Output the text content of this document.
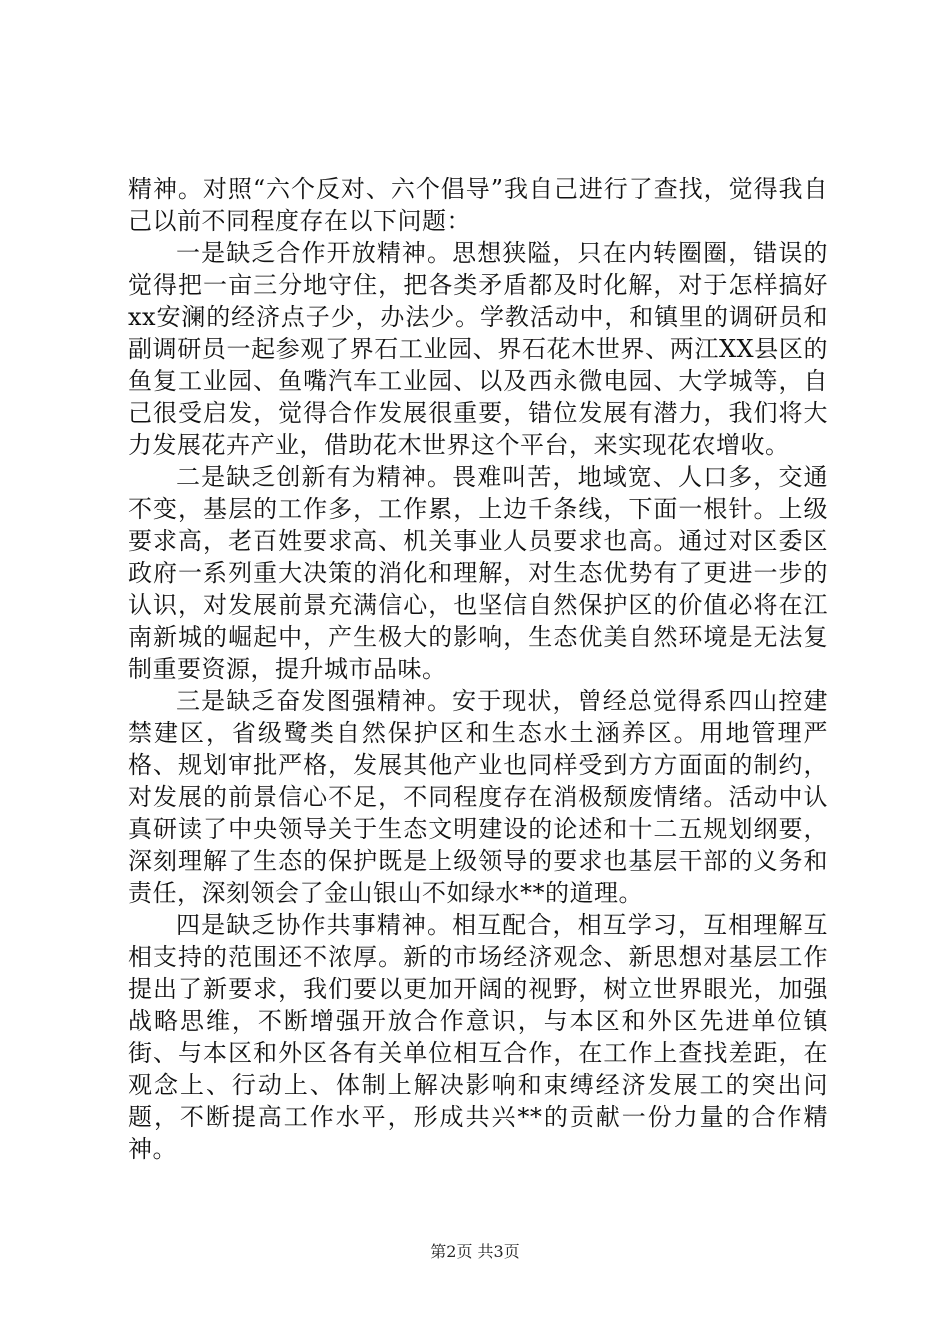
精神。对照“六个反对、六个倡导”我自己进行了查找，觉得我自己以前不同程度存在以下问题：

一是缺乏合作开放精神。思想狭隘，只在内转圈圈，错误的觉得把一亩三分地守住，把各类矛盾都及时化解，对于怎样搞好xx安澜的经济点子少，办法少。学教活动中，和镇里的调研员和副调研员一起参观了界石工业园、界石花木世界、两江XX县区的鱼复工业园、鱼嘴汽车工业园、以及西永微电园、大学城等，自己很受启发，觉得合作发展很重要，错位发展有潜力，我们将大力发展花卉产业，借助花木世界这个平台，来实现花农增收。

二是缺乏创新有为精神。畏难叫苦，地域宽、人口多，交通不变，基层的工作多，工作累，上边千条线，下面一根针。上级要求高，老百姓要求高、机关事业人员要求也高。通过对区委区政府一系列重大决策的消化和理解，对生态优势有了更进一步的认识，对发展前景充满信心，也坚信自然保护区的价值必将在江南新城的崛起中，产生极大的影响，生态优美自然环境是无法复制重要资源，提升城市品味。

三是缺乏奋发图强精神。安于现状，曾经总觉得系四山控建禁建区，省级鹭类自然保护区和生态水土涵养区。用地管理严格、规划审批严格，发展其他产业也同样受到方方面面的制约，对发展的前景信心不足，不同程度存在消极颓废情绪。活动中认真研读了中央领导关于生态文明建设的论述和十二五规划纲要，深刻理解了生态的保护既是上级领导的要求也基层干部的义务和责任，深刻领会了金山银山不如绿水**的道理。

四是缺乏协作共事精神。相互配合，相互学习，互相理解互相支持的范围还不浓厚。新的市场经济观念、新思想对基层工作提出了新要求，我们要以更加开阔的视野，树立世界眼光，加强战略思维，不断增强开放合作意识，与本区和外区先进单位镇街、与本区和外区各有关单位相互合作，在工作上查找差距，在观念上、行动上、体制上解决影响和束缚经济发展工的突出问题，不断提高工作水平，形成共兴**的贡献一份力量的合作精神。

第2页 共3页
